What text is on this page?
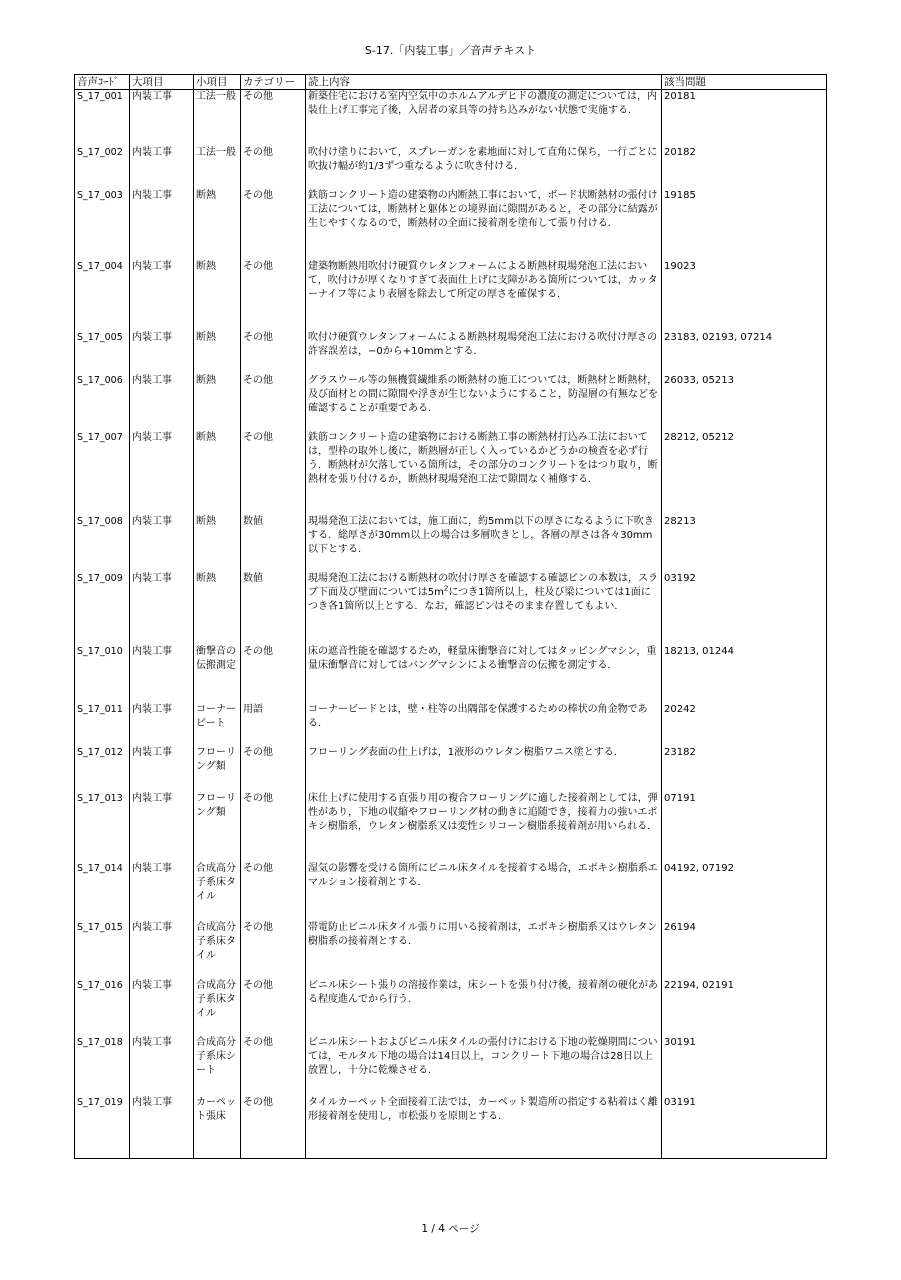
S-17.「内装工事」／音声テキスト
音声ｺｰﾄﾞ	大項目	小項目	カテゴリー	読上内容	該当問題
S_17_001	内装工事	工法一般	その他	新築住宅における室内空気中のホルムアルデヒドの濃度の測定については，内装仕上げ工事完了後，入居者の家具等の持ち込みがない状態で実施する．	20181
S_17_002	内装工事	工法一般	その他	吹付け塗りにおいて，スプレーガンを素地面に対して直角に保ち，一行ごとに吹抜け幅が約1/3ずつ重なるように吹き付ける．	20182
S_17_003	内装工事	断熱	その他	鉄筋コンクリート造の建築物の内断熱工事において，ボード状断熱材の張付け工法については，断熱材と躯体との境界面に隙間があると，その部分に結露が生じやすくなるので，断熱材の全面に接着剤を塗布して張り付ける．	19185
S_17_004	内装工事	断熱	その他	建築物断熱用吹付け硬質ウレタンフォームによる断熱材現場発泡工法において，吹付けが厚くなりすぎて表面仕上げに支障がある箇所については，カッターナイフ等により表層を除去して所定の厚さを確保する．	19023
S_17_005	内装工事	断熱	その他	吹付け硬質ウレタンフォームによる断熱材現場発泡工法における吹付け厚さの許容誤差は，−0から+10mmとする．	23183, 02193, 07214
S_17_006	内装工事	断熱	その他	グラスウール等の無機質繊維系の断熱材の施工については，断熱材と断熱材，及び面材との間に隙間や浮きが生じないようにすること，防湿層の有無などを確認することが重要である．	26033, 05213
S_17_007	内装工事	断熱	その他	鉄筋コンクリート造の建築物における断熱工事の断熱材打込み工法においては，型枠の取外し後に，断熱層が正しく入っているかどうかの検査を必ず行う．断熱材が欠落している箇所は，その部分のコンクリートをはつり取り，断熱材を張り付けるか，断熱材現場発泡工法で隙間なく補修する．	28212, 05212
S_17_008	内装工事	断熱	数値	現場発泡工法においては，施工面に，約5mm以下の厚さになるように下吹きする．総厚さが30mm以上の場合は多層吹きとし，各層の厚さは各々30mm以下とする．	28213
S_17_009	内装工事	断熱	数値	現場発泡工法における断熱材の吹付け厚さを確認する確認ピンの本数は，スラブ下面及び壁面については$5m^2$につき1箇所以上，柱及び梁については1面につき各1箇所以上とする．なお，確認ピンはそのまま存置してもよい．	03192
S_17_010	内装工事	衝撃音の伝搬測定	その他	床の遮音性能を確認するため，軽量床衝撃音に対してはタッピングマシン，重量床衝撃音に対してはバングマシンによる衝撃音の伝搬を測定する．	18213, 01244
S_17_011	内装工事	コーナービート	用語	コーナービードとは，壁・柱等の出隅部を保護するための棒状の角金物である．	20242
S_17_012	内装工事	フローリング類	その他	フローリング表面の仕上げは，1液形のウレタン樹脂ワニス塗とする．	23182
S_17_013	内装工事	フローリング類	その他	床仕上げに使用する直張り用の複合フローリングに適した接着剤としては，弾性があり，下地の収縮やフローリング材の動きに追随でき，接着力の強いエポキシ樹脂系，ウレタン樹脂系又は変性シリコーン樹脂系接着剤が用いられる．	07191
S_17_014	内装工事	合成高分子系床タイル	その他	湿気の影響を受ける箇所にビニル床タイルを接着する場合，エポキシ樹脂系エマルション接着剤とする．	04192, 07192
S_17_015	内装工事	合成高分子系床タイル	その他	帯電防止ビニル床タイル張りに用いる接着剤は，エポキシ樹脂系又はウレタン樹脂系の接着剤とする．	26194
S_17_016	内装工事	合成高分子系床タイル	その他	ビニル床シート張りの溶接作業は，床シートを張り付け後，接着剤の硬化がある程度進んでから行う．	22194, 02191
S_17_018	内装工事	合成高分子系床シート	その他	ビニル床シートおよびビニル床タイルの張付けにおける下地の乾燥期間については，モルタル下地の場合は14日以上，コンクリート下地の場合は28日以上放置し，十分に乾燥させる．	30191
S_17_019	内装工事	カーペット張床	その他	タイルカーペット全面接着工法では，カーペット製造所の指定する粘着はく離形接着剤を使用し，市松張りを原則とする．	03191
1 / 4 ページ
